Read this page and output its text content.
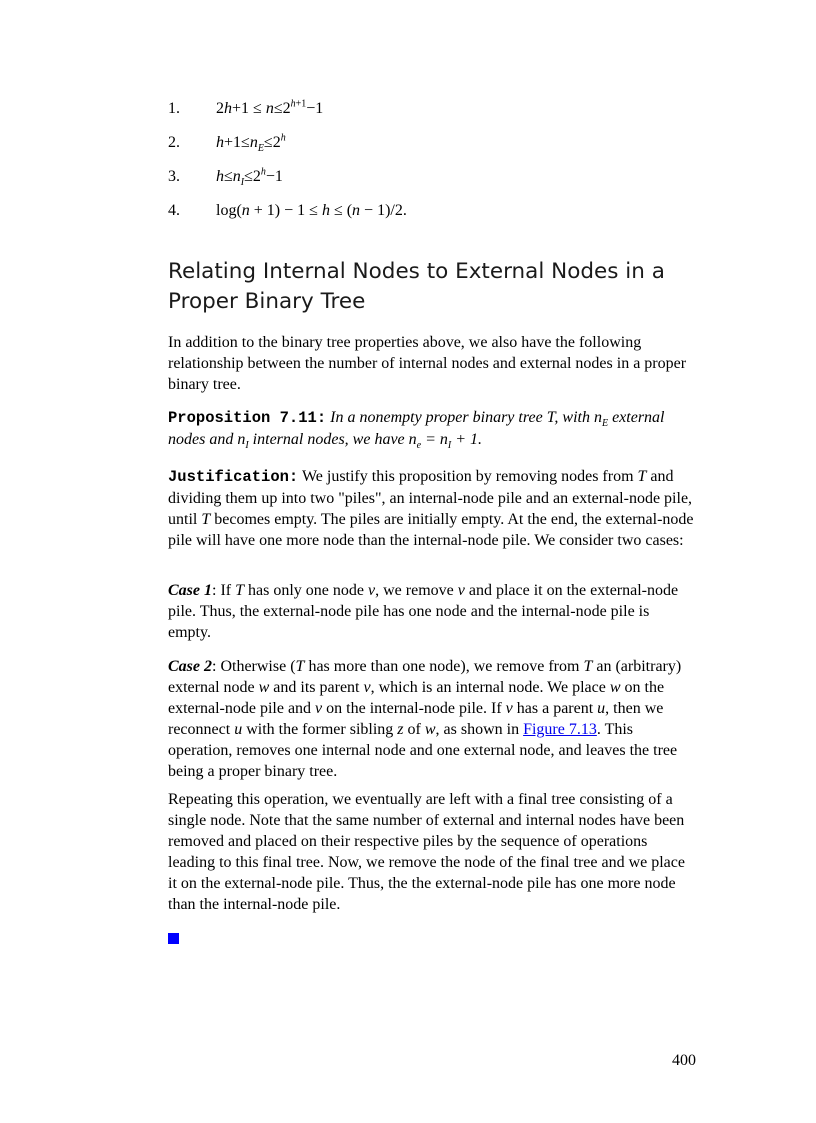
1. $2h+1 \le n\le 2^{h+1}-1$
2. $h+1\le n_E\le 2^h$
3. $h\le n_I\le 2^h-1$
4. log(n + 1) − 1 ≤ h ≤ (n − 1)/2.
Relating Internal Nodes to External Nodes in a Proper Binary Tree

In addition to the binary tree properties above, we also have the following relationship between the number of internal nodes and external nodes in a proper binary tree.

Proposition 7.11: In a nonempty proper binary tree T, with $n_E$ external nodes and $n_I$ internal nodes, we have $n_e = n_I + 1$.

Justification: We justify this proposition by removing nodes from T and dividing them up into two "piles", an internal-node pile and an external-node pile, until T becomes empty. The piles are initially empty. At the end, the external-node pile will have one more node than the internal-node pile. We consider two cases:

Case 1: If T has only one node v, we remove v and place it on the external-node pile. Thus, the external-node pile has one node and the internal-node pile is empty.

Case 2: Otherwise (T has more than one node), we remove from T an (arbitrary) external node w and its parent v, which is an internal node. We place w on the external-node pile and v on the internal-node pile. If v has a parent u, then we reconnect u with the former sibling z of w, as shown in Figure 7.13. This operation, removes one internal node and one external node, and leaves the tree being a proper binary tree.

Repeating this operation, we eventually are left with a final tree consisting of a single node. Note that the same number of external and internal nodes have been removed and placed on their respective piles by the sequence of operations leading to this final tree. Now, we remove the node of the final tree and we place it on the external-node pile. Thus, the the external-node pile has one more node than the internal-node pile.

400
